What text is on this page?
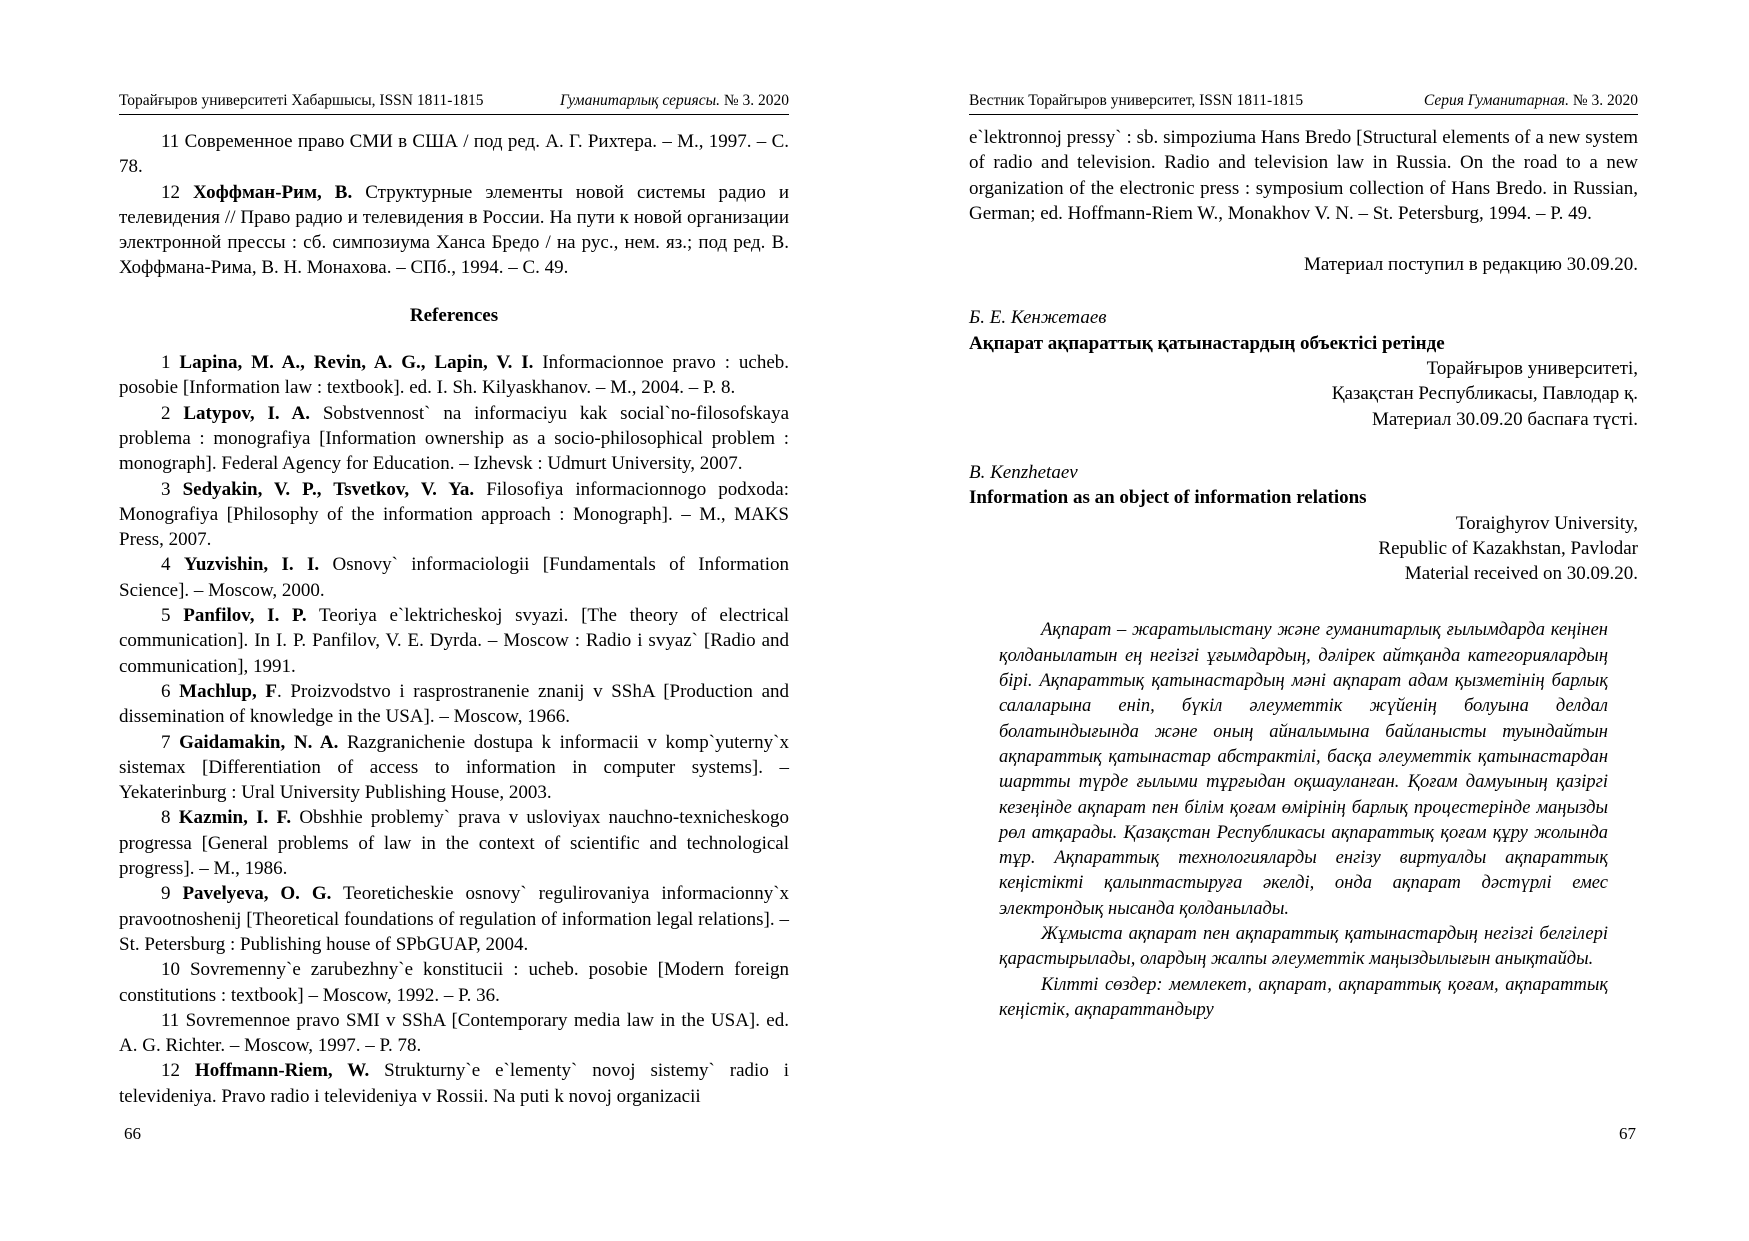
Торайғыров университеті Хабаршысы, ISSN 1811-1815	Гуманитарлық сериясы. № 3. 2020

11 Современное право СМИ в США / под ред. А. Г. Рихтера. – М., 1997. – С. 78.

12 Хоффман-Рим, В. Структурные элементы новой системы радио и телевидения // Право радио и телевидения в России. На пути к новой организации электронной прессы : сб. симпозиума Ханса Бредо / на рус., нем. яз.; под ред. В. Хоффмана-Рима, В. Н. Монахова. – СПб., 1994. – С. 49.

References

1 Lapina, M. A., Revin, A. G., Lapin, V. I. Informacionnoe pravo : ucheb. posobie [Information law : textbook]. ed. I. Sh. Kilyaskhanov. – M., 2004. – P. 8.

2 Latypov, I. A. Sobstvennost` na informaciyu kak social`no-filosofskaya problema : monografiya [Information ownership as a socio-philosophical problem : monograph]. Federal Agency for Education. – Izhevsk : Udmurt University, 2007.

3 Sedyakin, V. P., Tsvetkov, V. Ya. Filosofiya informacionnogo podxoda: Monografiya [Philosophy of the information approach : Monograph]. – M., MAKS Press, 2007.

4 Yuzvishin, I. I. Osnovy` informaciologii [Fundamentals of Information Science]. – Moscow, 2000.

5 Panfilov, I. P. Teoriya e`lektricheskoj svyazi. [The theory of electrical communication]. In I. P. Panfilov, V. E. Dyrda. – Moscow : Radio i svyaz` [Radio and communication], 1991.

6 Machlup, F. Proizvodstvo i rasprostranenie znanij v SShA [Production and dissemination of knowledge in the USA]. – Moscow, 1966.

7 Gaidamakin, N. A. Razgranichenie dostupa k informacii v komp`yuterny`x sistemax [Differentiation of access to information in computer systems]. – Yekaterinburg : Ural University Publishing House, 2003.

8 Kazmin, I. F. Obshhie problemy` prava v usloviyax nauchno-texnicheskogo progressa [General problems of law in the context of scientific and technological progress]. – M., 1986.

9 Pavelyeva, O. G. Teoreticheskie osnovy` regulirovaniya informacionny`x pravootnoshenij [Theoretical foundations of regulation of information legal relations]. – St. Petersburg : Publishing house of SPbGUAP, 2004.

10 Sovremenny`e zarubezhny`e konstitucii : ucheb. posobie [Modern foreign constitutions : textbook] – Moscow, 1992. – P. 36.

11 Sovremennoe pravo SMI v SShA [Contemporary media law in the USA]. ed. A. G. Richter. – Moscow, 1997. – P. 78.

12 Hoffmann-Riem, W. Strukturny`e e`lementy` novoj sistemy` radio i televideniya. Pravo radio i televideniya v Rossii. Na puti k novoj organizacii

66
Вестник Торайгыров университет, ISSN 1811-1815	Серия Гуманитарная. № 3. 2020
e`lektronnoj pressy` : sb. simpoziuma Hans Bredo [Structural elements of a new system of radio and television. Radio and television law in Russia. On the road to a new organization of the electronic press : symposium collection of Hans Bredo. in Russian, German; ed. Hoffmann-Riem W., Monakhov V. N. – St. Petersburg, 1994. – P. 49.
Материал поступил в редакцию 30.09.20.
Б. Е. Кенжетаев
Ақпарат ақпараттық қатынастардың объектісі ретінде
Торайғыров университеті,
Қазақстан Республикасы, Павлодар қ.
Материал 30.09.20 баспаға түсті.
B. Kenzhetaev
Information as an object of information relations
Toraighyrov University,
Republic of Kazakhstan, Pavlodar
Material received on 30.09.20.

Ақпарат – жаратылыстану және гуманитарлық ғылымдарда кеңінен қолданылатын ең негізгі ұғымдардың, дәлірек айтқанда категориялардың бірі. Ақпараттық қатынастардың мәні ақпарат адам қызметінің барлық салаларына еніп, бүкіл әлеуметтік жүйенің болуына делдал болатындығында және оның айналымына байланысты туындайтын ақпараттық қатынастар абстрактілі, басқа әлеуметтік қатынастардан шартты түрде ғылыми тұрғыдан оқшауланған. Қоғам дамуының қазіргі кезеңінде ақпарат пен білім қоғам өмірінің барлық процестерінде маңызды рөл атқарады. Қазақстан Республикасы ақпараттық қоғам құру жолында тұр. Ақпараттық технологияларды енгізу виртуалды ақпараттық кеңістікті қалыптастыруға әкелді, онда ақпарат дәстүрлі емес электрондық нысанда қолданылады.

Жұмыста ақпарат пен ақпараттық қатынастардың негізгі белгілері қарастырылады, олардың жалпы әлеуметтік маңыздылығын анықтайды.

Кілтті сөздер: мемлекет, ақпарат, ақпараттық қоғам, ақпараттық кеңістік, ақпараттандыру

67
